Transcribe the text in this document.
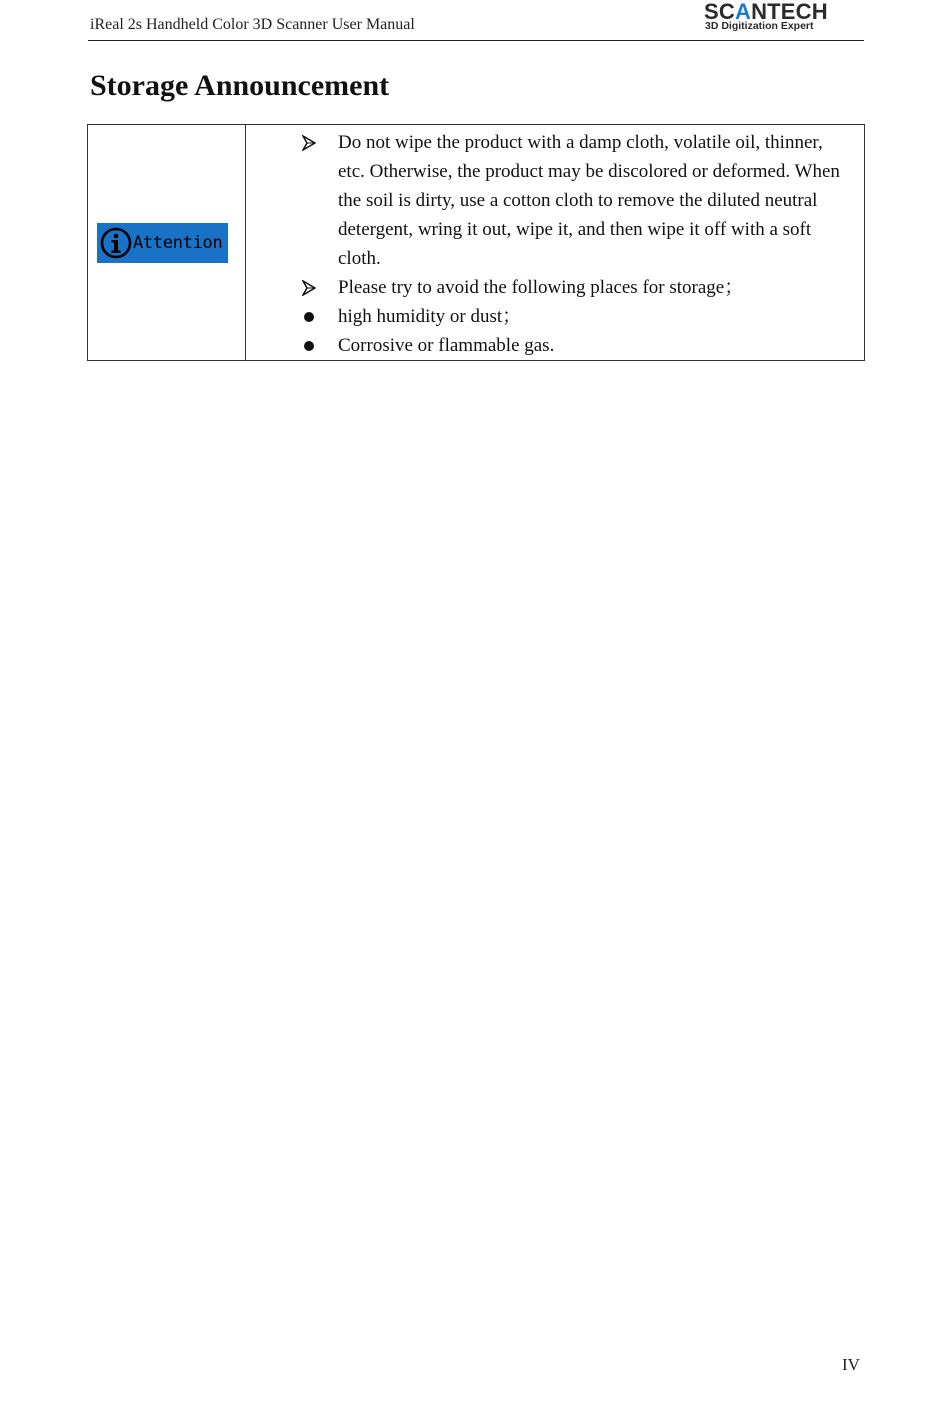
iReal 2s Handheld Color 3D Scanner User Manual
SCANTECH
3D Digitization Expert
Storage Announcement
Attention

Do not wipe the product with a damp cloth, volatile oil, thinner, etc. Otherwise, the product may be discolored or deformed. When the soil is dirty, use a cotton cloth to remove the diluted neutral detergent, wring it out, wipe it, and then wipe it off with a soft cloth.
Please try to avoid the following places for storage；
high humidity or dust；
Corrosive or flammable gas.
IV
